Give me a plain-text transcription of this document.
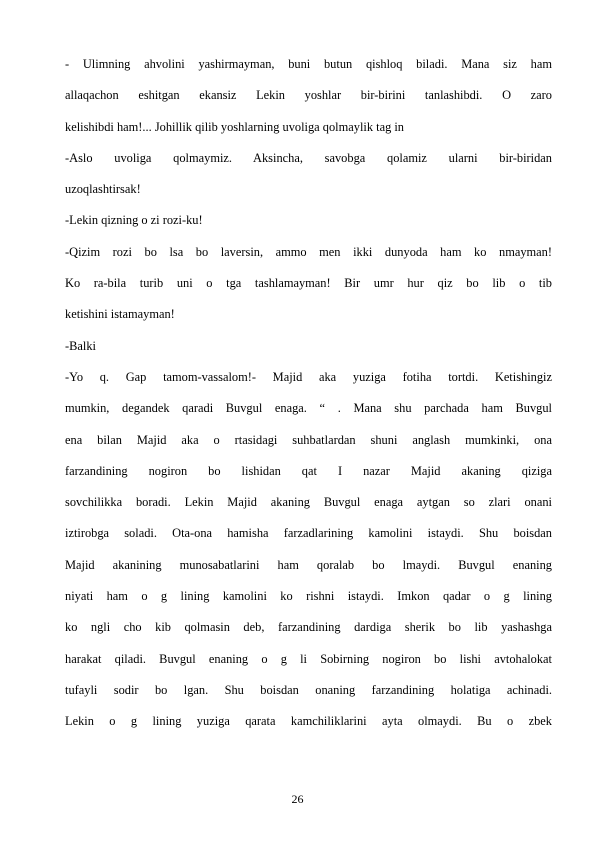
- Ulimning ahvolini yashirmayman, buni butun qishloq biladi. Mana siz ham
allaqachon eshitgan ekansiz Lekin yoshlar bir-birini tanlashibdi. O zaro
kelishibdi ham!... Johillik qilib yoshlarning uvoliga qolmaylik tag in
-Aslo uvoliga qolmaymiz. Aksincha, savobga qolamiz ularni bir-biridan
uzoqlashtirsak!
-Lekin qizning o zi rozi-ku!
-Qizim rozi bo lsa bo laversin, ammo men ikki dunyoda ham ko nmayman!
Ko ra-bila turib uni o tga tashlamayman! Bir umr hur qiz bo lib o tib
ketishini istamayman!
-Balki
-Yo q. Gap tamom-vassalom!- Majid aka yuziga fotiha tortdi. Ketishingiz
mumkin, degandek qaradi Buvgul enaga. “ . Mana shu parchada ham Buvgul
ena bilan Majid aka o rtasidagi suhbatlardan shuni anglash mumkinki, ona
farzandining nogiron bo lishidan qat I nazar Majid akaning qiziga
sovchilikka boradi. Lekin Majid akaning Buvgul enaga aytgan so zlari onani
iztirobga soladi. Ota-ona hamisha farzadlarining kamolini istaydi. Shu boisdan
Majid akanining munosabatlarini ham qoralab bo lmaydi. Buvgul enaning
niyati ham o g lining kamolini ko rishni istaydi. Imkon qadar o g lining
ko ngli cho kib qolmasin deb, farzandining dardiga sherik bo lib yashashga
harakat qiladi. Buvgul enaning o g li Sobirning nogiron bo lishi avtohalokat
tufayli sodir bo lgan. Shu boisdan onaning farzandining holatiga achinadi.
Lekin o g lining yuziga qarata kamchiliklarini ayta olmaydi. Bu o zbek
26
